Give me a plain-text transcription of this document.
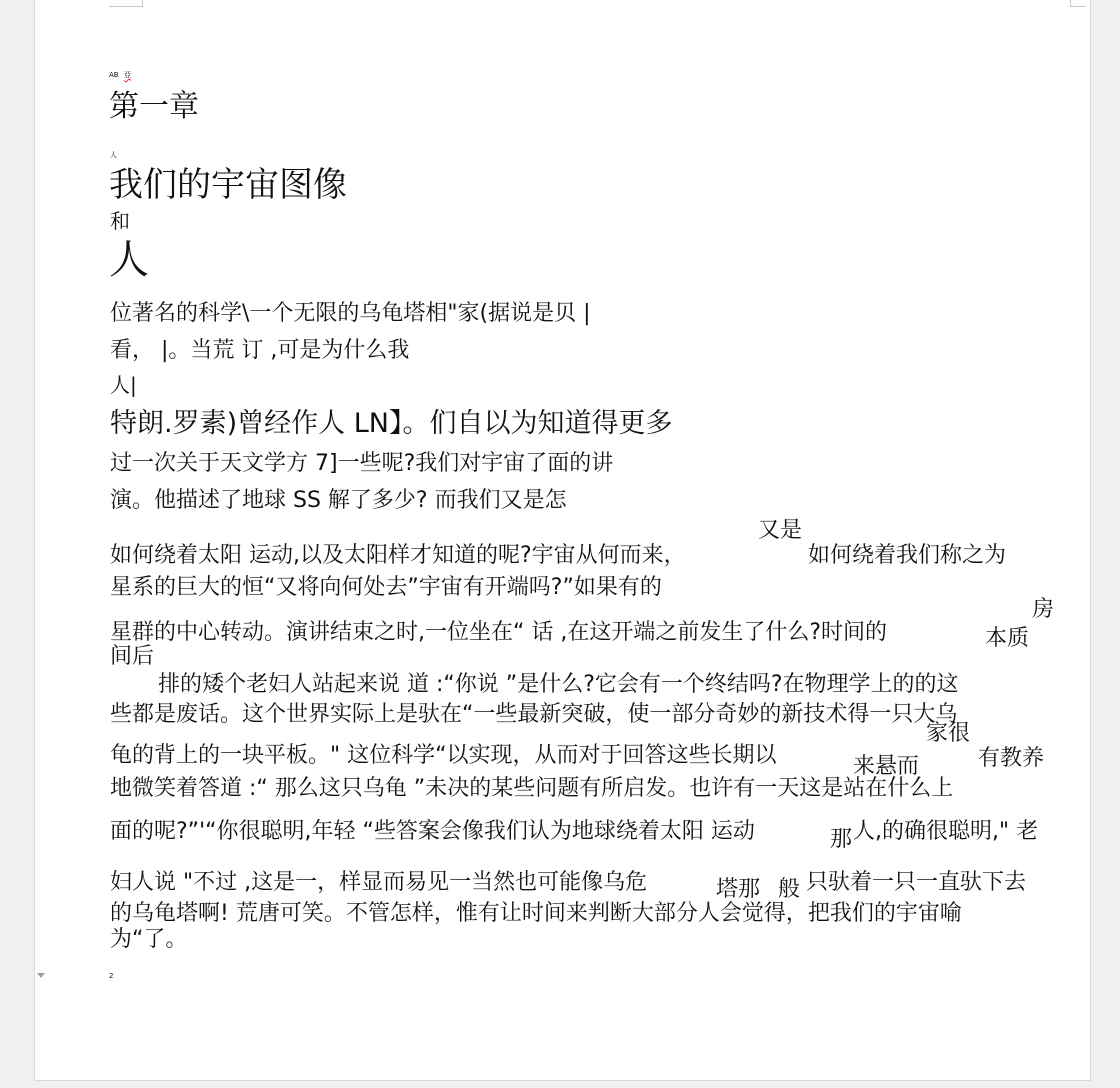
AB 亞
第一章
人
我们的宇宙图像
和
人
位著名的科学\一个无限的乌龟塔相"家(据说是贝 |
看， |。当荒 订 ,可是为什么我
人|
特朗.罗素)曾经作人 LN】。们自以为知道得更多
过一次关于天文学方 7]一些呢?我们对宇宙了面的讲
演。他描述了地球 SS 解了多少? 而我们又是怎
又是
如何绕着太阳 运动,以及太阳样才知道的呢?宇宙从何而来，	如何绕着我们称之为
星系的巨大的恒“又将向何处去”宇宙有开端吗?”如果有的
房
星群的中心转动。演讲结束之时,一位坐在“ 话 ,在这开端之前发生了什么?时间的	本质
间后
排的矮个老妇人站起来说 道 :“你说 ”是什么?它会有一个终结吗?在物理学上的的这
些都是废话。这个世界实际上是驮在“一些最新突破，使一部分奇妙的新技术得一只大乌
家很
龟的背上的一块平板。" 这位科学“以实现，从而对于回答这些长期以	来悬而	有教养
地微笑着答道 :“ 那么这只乌龟 ”未决的某些问题有所启发。也许有一天这是站在什么上
面的呢?”'“你很聪明,年轻 “些答案会像我们认为地球绕着太阳 运动	那 人,的确很聪明," 老
妇人说 "不过 ,这是一，样显而易见一当然也可能像乌危	塔那 般 只驮着一只一直驮下去
的乌龟塔啊! 荒唐可笑。不管怎样，惟有让时间来判断大部分人会觉得，把我们的宇宙喻
为“了。
2
